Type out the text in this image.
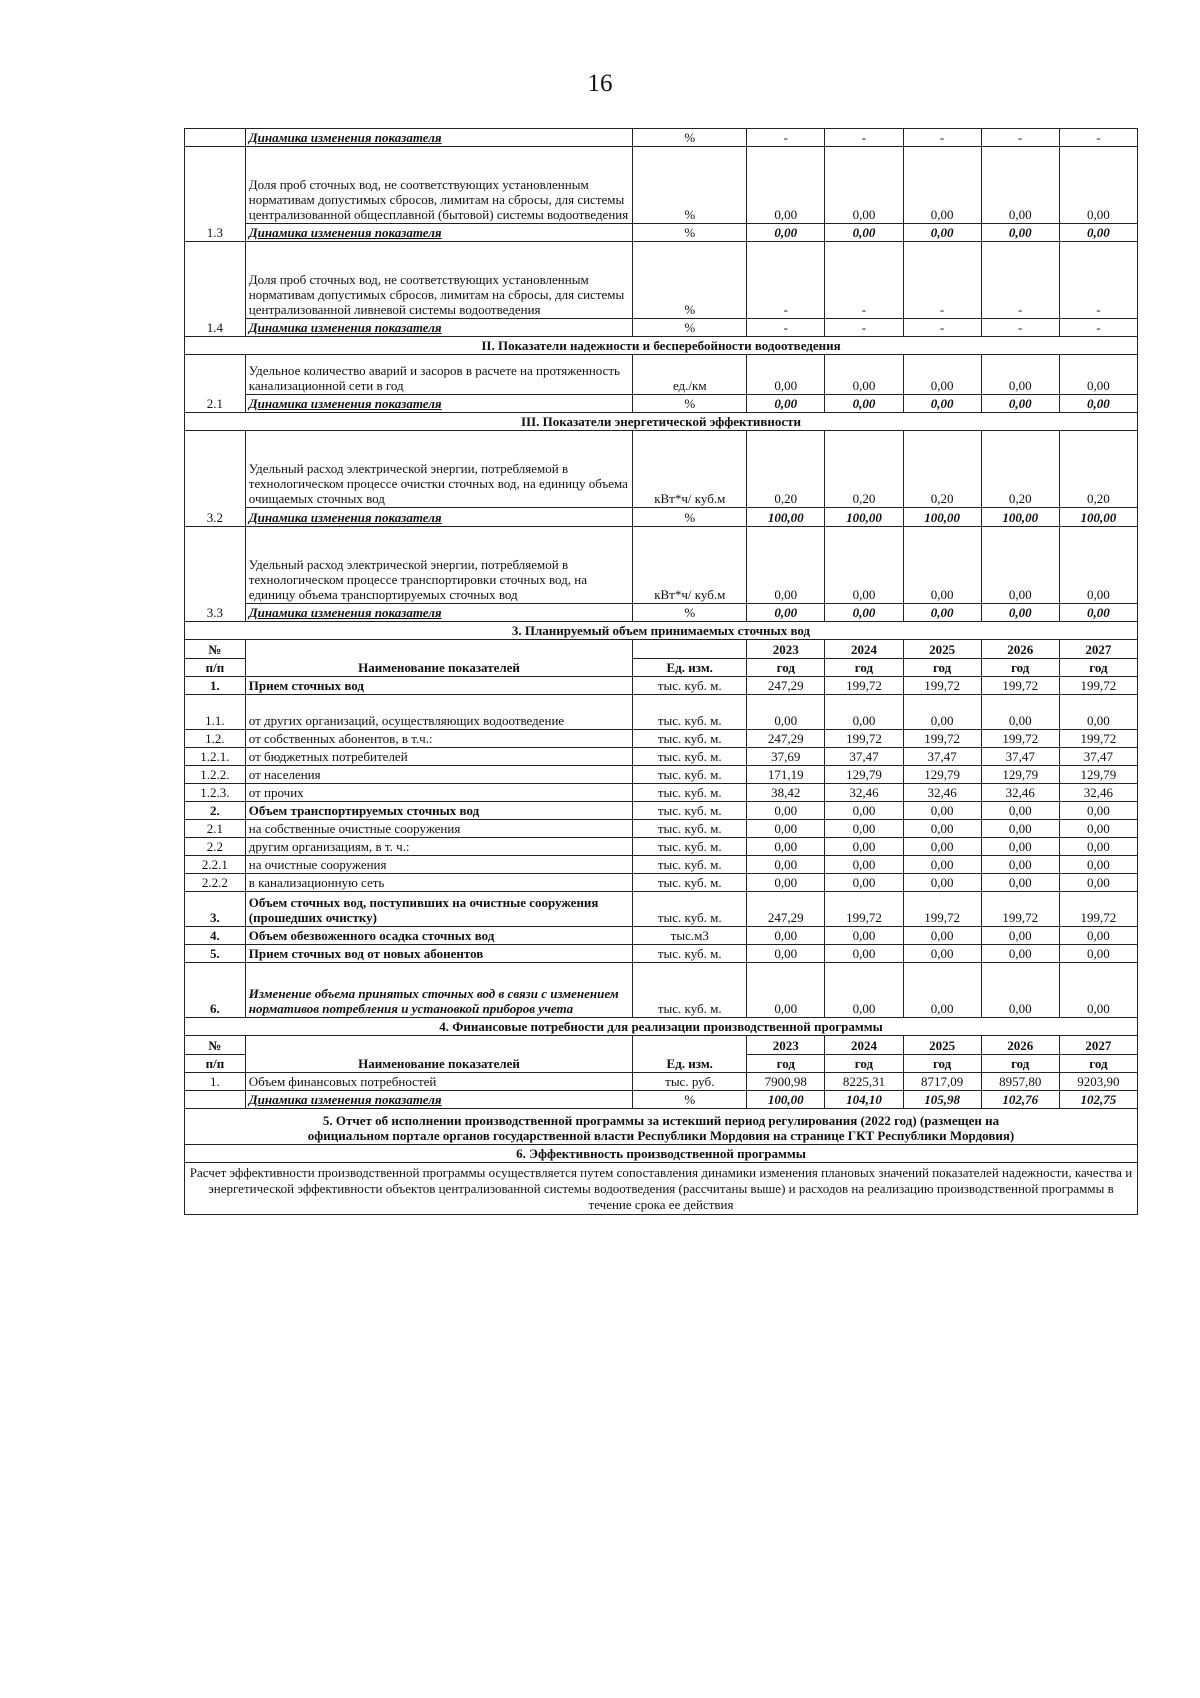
16
	Динамика изменения показателя	%	-	-	-	-	-
1.3	Доля проб сточных вод, не соответствующих установленным нормативам допустимых сбросов, лимитам на сбросы, для системы централизованной общесплавной (бытовой) системы водоотведения	%	0,00	0,00	0,00	0,00	0,00
	Динамика изменения показателя	%	0,00	0,00	0,00	0,00	0,00
1.4	Доля проб сточных вод, не соответствующих установленным нормативам допустимых сбросов, лимитам на сбросы, для системы централизованной ливневой системы водоотведения	%	-	-	-	-	-
	Динамика изменения показателя	%	-	-	-	-	-
II. Показатели надежности и бесперебойности водоотведения							
2.1	Удельное количество аварий и засоров в расчете на протяженность канализационной сети в год	ед./км	0,00	0,00	0,00	0,00	0,00
	Динамика изменения показателя	%	0,00	0,00	0,00	0,00	0,00
III. Показатели энергетической эффективности							
3.2	Удельный расход электрической энергии, потребляемой в технологическом процессе очистки сточных вод, на единицу объема очищаемых сточных вод	кВт*ч/ куб.м	0,20	0,20	0,20	0,20	0,20
	Динамика изменения показателя	%	100,00	100,00	100,00	100,00	100,00
3.3	Удельный расход электрической энергии, потребляемой в технологическом процессе транспортировки сточных вод, на единицу объема транспортируемых сточных вод	кВт*ч/ куб.м	0,00	0,00	0,00	0,00	0,00
	Динамика изменения показателя	%	0,00	0,00	0,00	0,00	0,00
3. Планируемый объем принимаемых сточных вод							
№	Наименование показателей		2023	2024	2025	2026	2027
п/п		Ед. изм.	год	год	год	год	год
1.	Прием сточных вод	тыс. куб. м.	247,29	199,72	199,72	199,72	199,72
1.1.	от других организаций, осуществляющих водоотведение	тыс. куб. м.	0,00	0,00	0,00	0,00	0,00
1.2.	от собственных абонентов, в т.ч.:	тыс. куб. м.	247,29	199,72	199,72	199,72	199,72
1.2.1.	от бюджетных потребителей	тыс. куб. м.	37,69	37,47	37,47	37,47	37,47
1.2.2.	от населения	тыс. куб. м.	171,19	129,79	129,79	129,79	129,79
1.2.3.	от прочих	тыс. куб. м.	38,42	32,46	32,46	32,46	32,46
2.	Объем транспортируемых сточных вод	тыс. куб. м.	0,00	0,00	0,00	0,00	0,00
2.1	на собственные очистные сооружения	тыс. куб. м.	0,00	0,00	0,00	0,00	0,00
2.2	другим организациям, в т. ч.:	тыс. куб. м.	0,00	0,00	0,00	0,00	0,00
2.2.1	на очистные сооружения	тыс. куб. м.	0,00	0,00	0,00	0,00	0,00
2.2.2	в канализационную сеть	тыс. куб. м.	0,00	0,00	0,00	0,00	0,00
3.	Объем сточных вод, поступивших на очистные сооружения (прошедших очистку)	тыс. куб. м.	247,29	199,72	199,72	199,72	199,72
4.	Объем обезвоженного осадка сточных вод	тыс.м3	0,00	0,00	0,00	0,00	0,00
5.	Прием сточных вод от новых абонентов	тыс. куб. м.	0,00	0,00	0,00	0,00	0,00
6.	Изменение объема принятых сточных вод в связи с изменением нормативов потребления и установкой приборов учета	тыс. куб. м.	0,00	0,00	0,00	0,00	0,00
4. Финансовые потребности для реализации производственной программы							
№	Наименование показателей	Ед. изм.	2023	2024	2025	2026	2027
п/п			год	год	год	год	год
1.	Объем финансовых потребностей	тыс. руб.	7900,98	8225,31	8717,09	8957,80	9203,90
	Динамика изменения показателя	%	100,00	104,10	105,98	102,76	102,75

5. Отчет об исполнении производственной программы за истекший период регулирования (2022 год) (размещен на
официальном портале органов государственной власти Республики Мордовия на странице ГКТ Республики Мордовия)							

6. Эффективность производственной программы							
Расчет эффективности производственной программы осуществляется путем сопоставления динамики изменения плановых значений показателей надежности, качества и энергетической эффективности объектов централизованной системы водоотведения (рассчитаны выше) и расходов на реализацию производственной программы в течение срока ее действия							
